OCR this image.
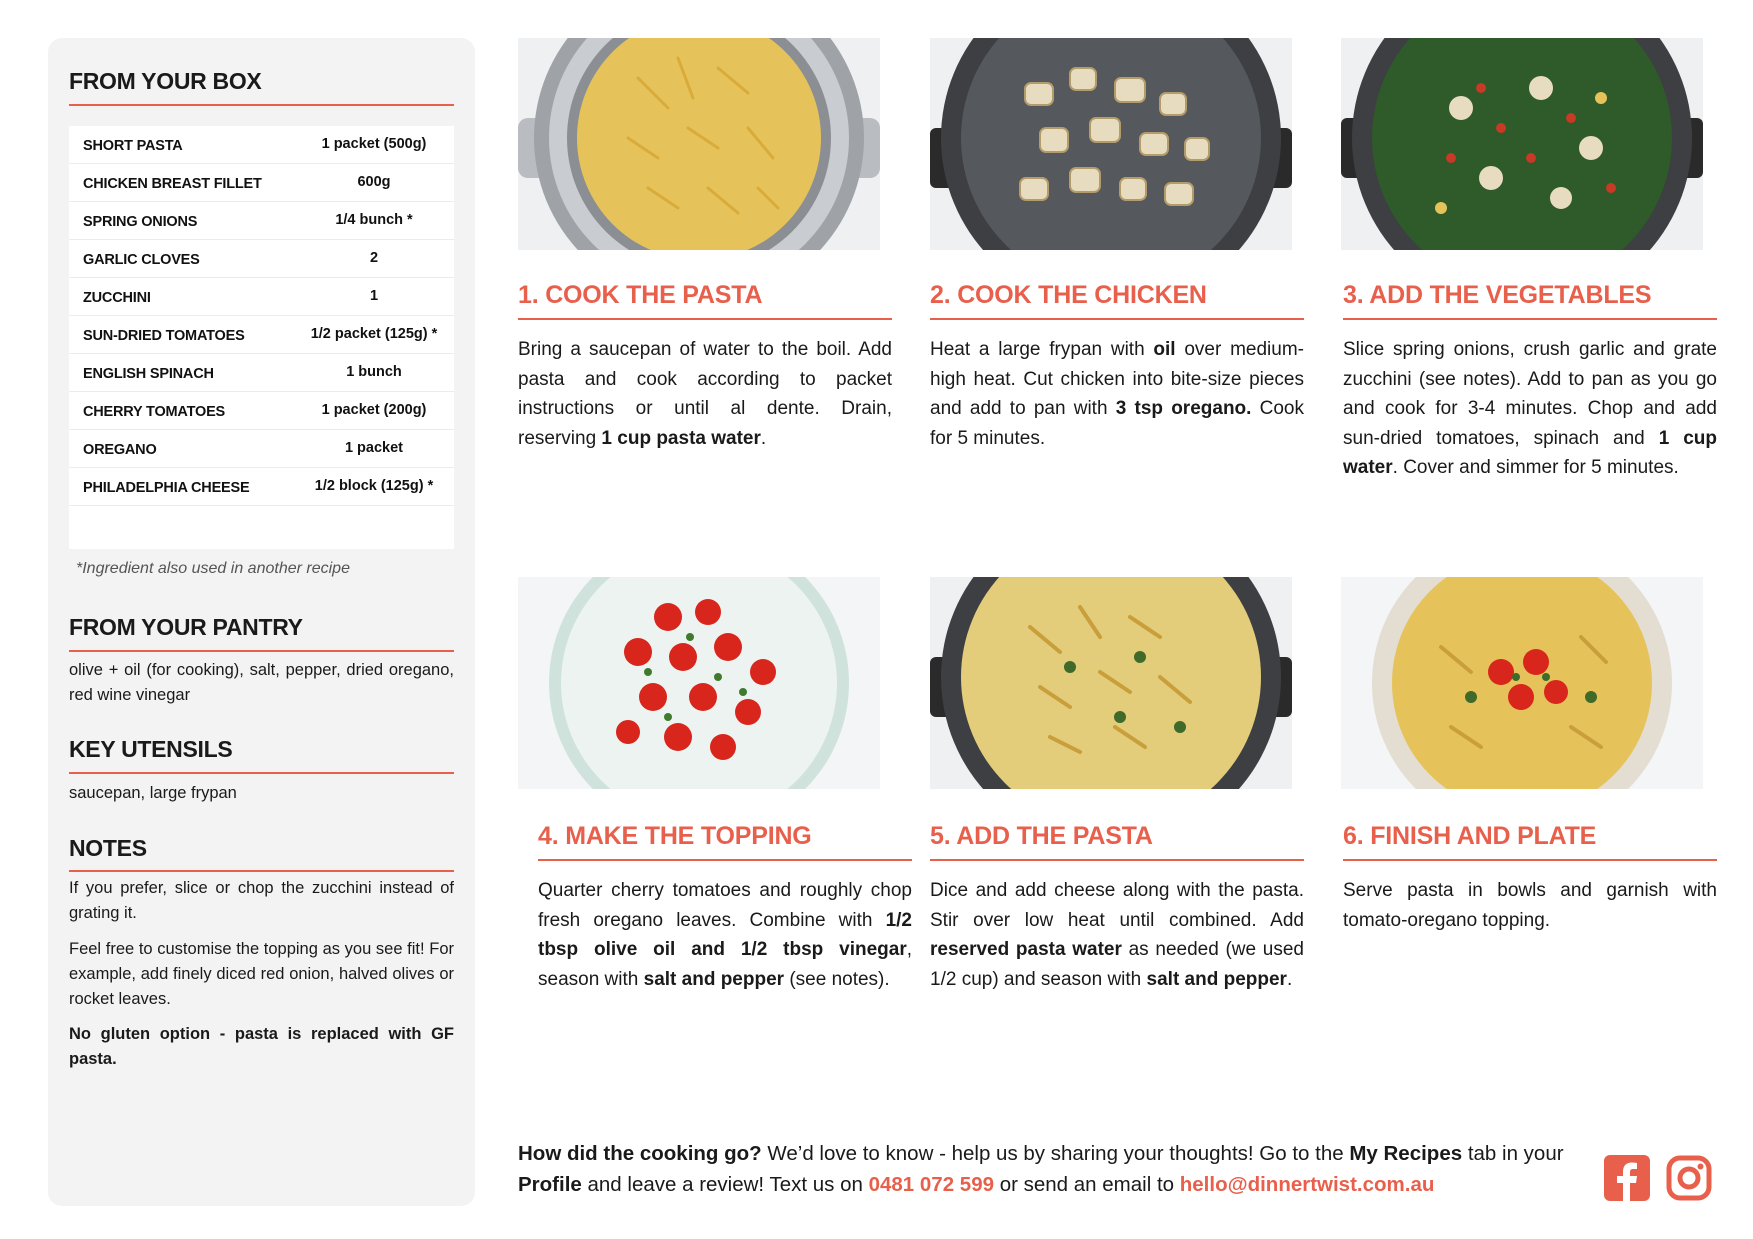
FROM YOUR BOX
SHORT PASTA	1 packet (500g)
CHICKEN BREAST FILLET	600g
SPRING ONIONS	1/4 bunch *
GARLIC CLOVES	2
ZUCCHINI	1
SUN-DRIED TOMATOES	1/2 packet (125g) *
ENGLISH SPINACH	1 bunch
CHERRY TOMATOES	1 packet (200g)
OREGANO	1 packet
PHILADELPHIA CHEESE	1/2 block (125g) *
*Ingredient also used in another recipe
FROM YOUR PANTRY
olive + oil (for cooking), salt, pepper, dried oregano, red wine vinegar
KEY UTENSILS
saucepan, large frypan
NOTES
If you prefer, slice or chop the zucchini instead of grating it.
Feel free to customise the topping as you see fit! For example, add finely diced red onion, halved olives or rocket leaves.
No gluten option - pasta is replaced with GF pasta.
1. COOK THE PASTA
Bring a saucepan of water to the boil. Add pasta and cook according to packet instructions or until al dente. Drain, reserving 1 cup pasta water.
2. COOK THE CHICKEN
Heat a large frypan with oil over medium-high heat. Cut chicken into bite-size pieces and add to pan with 3 tsp oregano. Cook for 5 minutes.
3. ADD THE VEGETABLES
Slice spring onions, crush garlic and grate zucchini (see notes). Add to pan as you go and cook for 3-4 minutes. Chop and add sun-dried tomatoes, spinach and 1 cup water. Cover and simmer for 5 minutes.
4. MAKE THE TOPPING
Quarter cherry tomatoes and roughly chop fresh oregano leaves. Combine with 1/2 tbsp olive oil and 1/2 tbsp vinegar, season with salt and pepper (see notes).
5. ADD THE PASTA
Dice and add cheese along with the pasta. Stir over low heat until combined. Add reserved pasta water as needed (we used 1/2 cup) and season with salt and pepper.
6. FINISH AND PLATE
Serve pasta in bowls and garnish with tomato-oregano topping.
How did the cooking go? We’d love to know - help us by sharing your thoughts! Go to the My Recipes tab in your Profile and leave a review! Text us on 0481 072 599 or send an email to hello@dinnertwist.com.au
